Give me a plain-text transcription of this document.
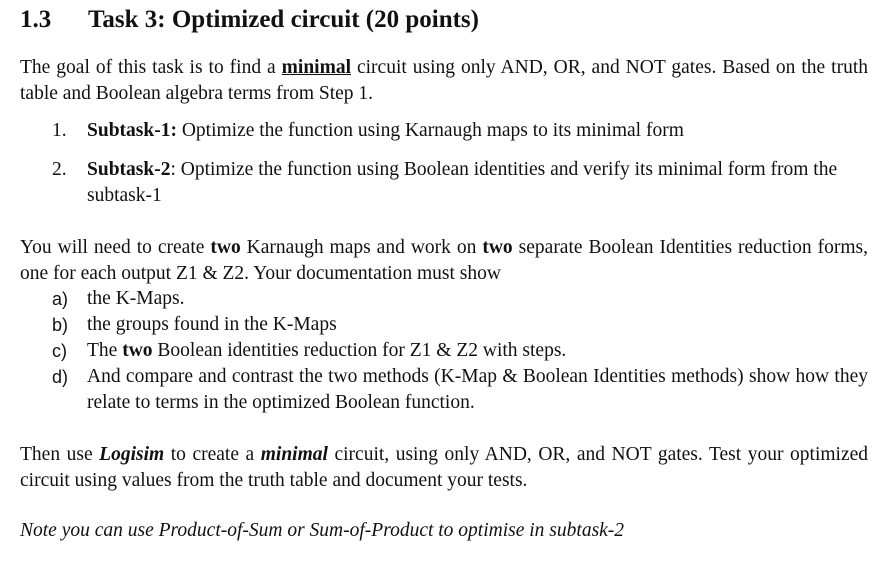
1.3 Task 3: Optimized circuit (20 points)
The goal of this task is to find a minimal circuit using only AND, OR, and NOT gates. Based on the truth table and Boolean algebra terms from Step 1.
1.	Subtask-1: Optimize the function using Karnaugh maps to its minimal form
2.	Subtask-2: Optimize the function using Boolean identities and verify its minimal form from the subtask-1
You will need to create two Karnaugh maps and work on two separate Boolean Identities reduction forms, one for each output Z1 & Z2. Your documentation must show
a) the K-Maps.
b) the groups found in the K-Maps
c) The two Boolean identities reduction for Z1 & Z2 with steps.
d) And compare and contrast the two methods (K-Map & Boolean Identities methods) show how they relate to terms in the optimized Boolean function.
Then use Logisim to create a minimal circuit, using only AND, OR, and NOT gates. Test your optimized circuit using values from the truth table and document your tests.
Note you can use Product-of-Sum or Sum-of-Product to optimise in subtask-2
